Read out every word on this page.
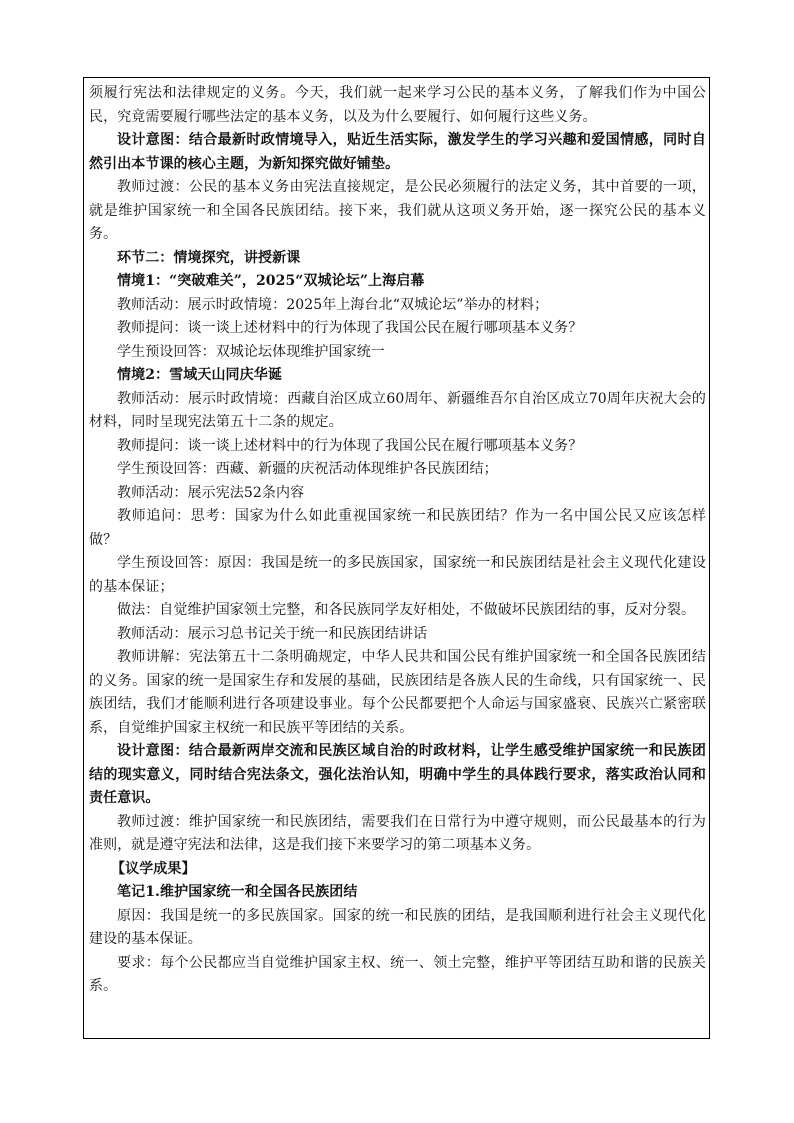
须履行宪法和法律规定的义务。今天，我们就一起来学习公民的基本义务，了解我们作为中国公民，究竟需要履行哪些法定的基本义务，以及为什么要履行、如何履行这些义务。

设计意图：结合最新时政情境导入，贴近生活实际，激发学生的学习兴趣和爱国情感，同时自然引出本节课的核心主题，为新知探究做好铺垫。

教师过渡：公民的基本义务由宪法直接规定，是公民必须履行的法定义务，其中首要的一项，就是维护国家统一和全国各民族团结。接下来，我们就从这项义务开始，逐一探究公民的基本义务。

环节二：情境探究，讲授新课

情境1：“突破难关”，2025“双城论坛”上海启幕

教师活动：展示时政情境：2025年上海台北“双城论坛”举办的材料；

教师提问：谈一谈上述材料中的行为体现了我国公民在履行哪项基本义务？

学生预设回答：双城论坛体现维护国家统一

情境2：雪域天山同庆华诞

教师活动：展示时政情境：西藏自治区成立60周年、新疆维吾尔自治区成立70周年庆祝大会的材料，同时呈现宪法第五十二条的规定。

教师提问：谈一谈上述材料中的行为体现了我国公民在履行哪项基本义务？

学生预设回答：西藏、新疆的庆祝活动体现维护各民族团结；

教师活动：展示宪法52条内容

教师追问：思考：国家为什么如此重视国家统一和民族团结？作为一名中国公民又应该怎样做？

学生预设回答：原因：我国是统一的多民族国家，国家统一和民族团结是社会主义现代化建设的基本保证；

做法：自觉维护国家领土完整，和各民族同学友好相处，不做破坏民族团结的事，反对分裂。

教师活动：展示习总书记关于统一和民族团结讲话

教师讲解：宪法第五十二条明确规定，中华人民共和国公民有维护国家统一和全国各民族团结的义务。国家的统一是国家生存和发展的基础，民族团结是各族人民的生命线，只有国家统一、民族团结，我们才能顺利进行各项建设事业。每个公民都要把个人命运与国家盛衰、民族兴亡紧密联系，自觉维护国家主权统一和民族平等团结的关系。

设计意图：结合最新两岸交流和民族区域自治的时政材料，让学生感受维护国家统一和民族团结的现实意义，同时结合宪法条文，强化法治认知，明确中学生的具体践行要求，落实政治认同和责任意识。

教师过渡：维护国家统一和民族团结，需要我们在日常行为中遵守规则，而公民最基本的行为准则，就是遵守宪法和法律，这是我们接下来要学习的第二项基本义务。

【议学成果】

笔记1.维护国家统一和全国各民族团结

原因：我国是统一的多民族国家。国家的统一和民族的团结，是我国顺利进行社会主义现代化建设的基本保证。

要求：每个公民都应当自觉维护国家主权、统一、领土完整，维护平等团结互助和谐的民族关系。
